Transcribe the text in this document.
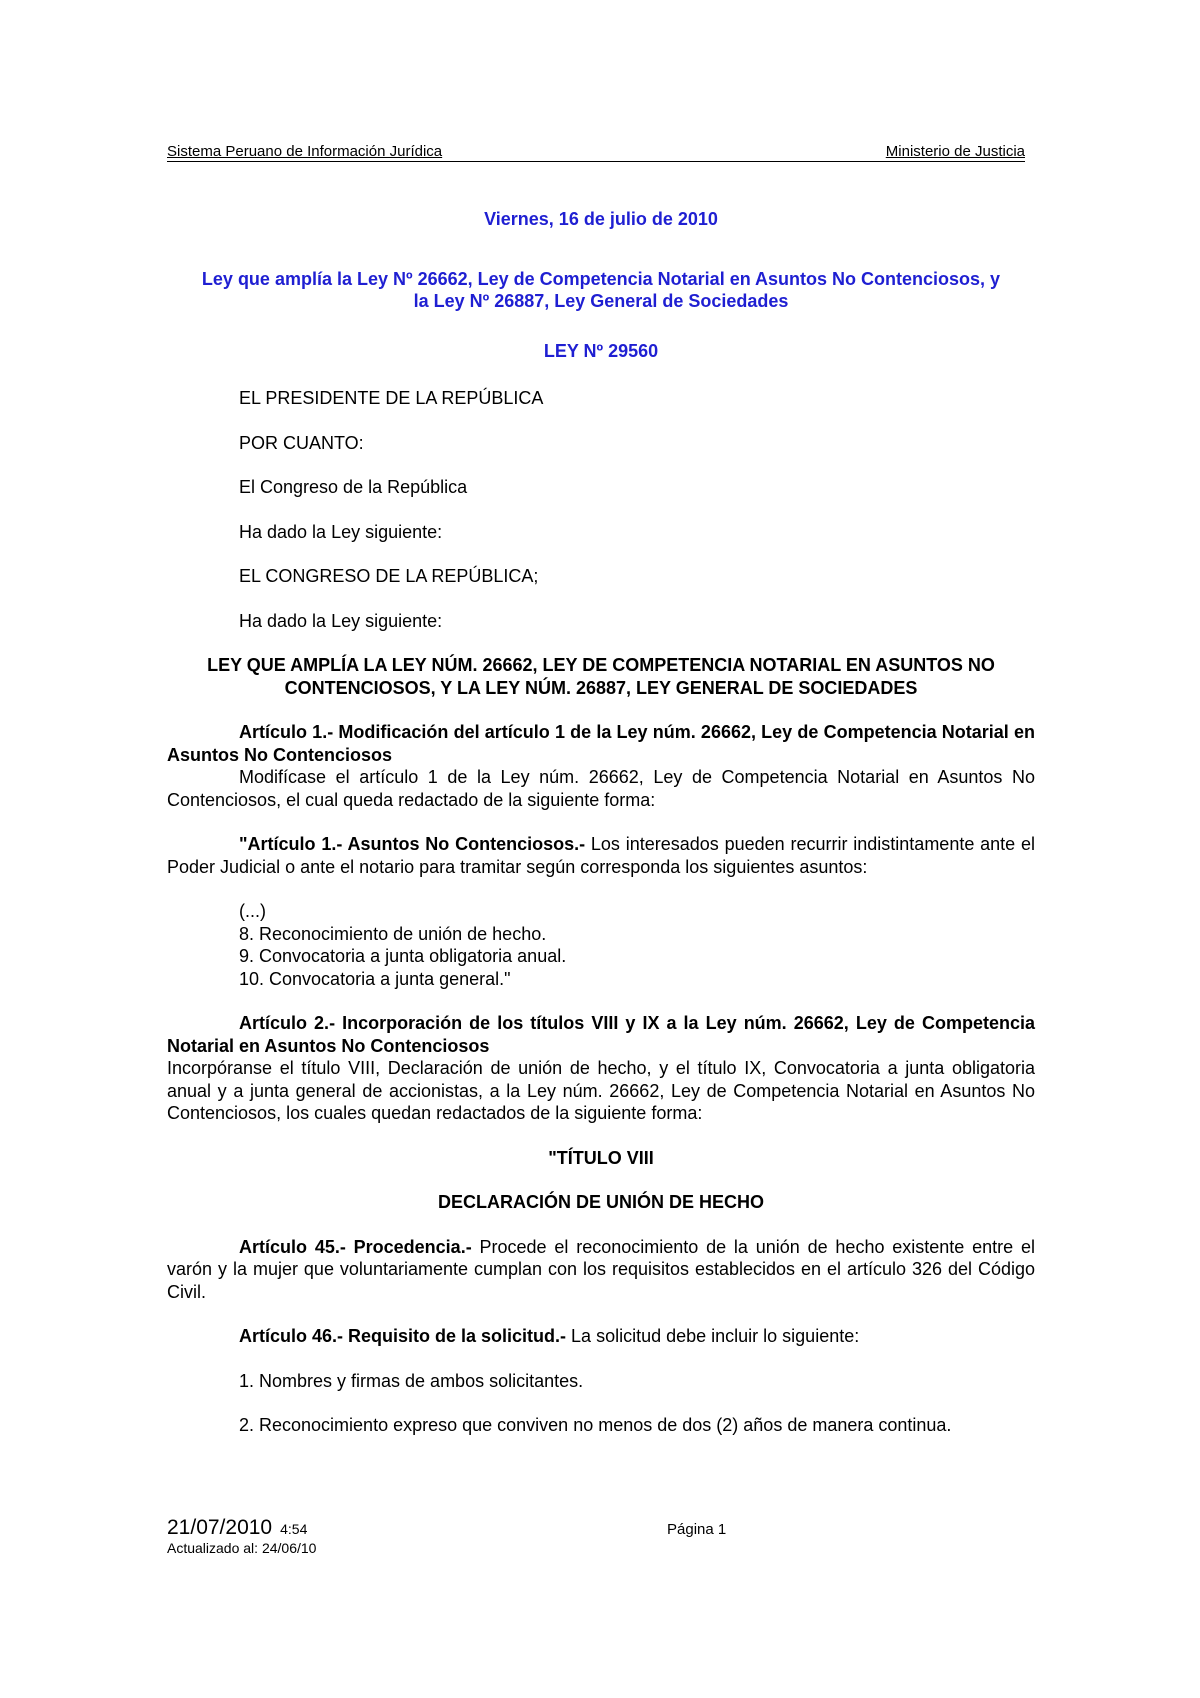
Sistema Peruano de Información Jurídica	Ministerio de Justicia

Viernes, 16 de julio de 2010

Ley que amplía la Ley Nº 26662, Ley de Competencia Notarial en Asuntos No Contenciosos, y
la Ley Nº 26887, Ley General de Sociedades

LEY Nº 29560

EL PRESIDENTE DE LA REPÚBLICA

POR CUANTO:

El Congreso de la República

Ha dado la Ley siguiente:

EL CONGRESO DE LA REPÚBLICA;

Ha dado la Ley siguiente:

LEY QUE AMPLÍA LA LEY NÚM. 26662, LEY DE COMPETENCIA NOTARIAL EN ASUNTOS NO
CONTENCIOSOS, Y LA LEY NÚM. 26887, LEY GENERAL DE SOCIEDADES

Artículo 1.- Modificación del artículo 1 de la Ley núm. 26662, Ley de Competencia Notarial en Asuntos No Contenciosos

Modifícase el artículo 1 de la Ley núm. 26662, Ley de Competencia Notarial en Asuntos No Contenciosos, el cual queda redactado de la siguiente forma:

"Artículo 1.- Asuntos No Contenciosos.- Los interesados pueden recurrir indistintamente ante el Poder Judicial o ante el notario para tramitar según corresponda los siguientes asuntos:

(...)
8. Reconocimiento de unión de hecho.
9. Convocatoria a junta obligatoria anual.
10. Convocatoria a junta general."

Artículo 2.- Incorporación de los títulos VIII y IX a la Ley núm. 26662, Ley de Competencia Notarial en Asuntos No Contenciosos

Incorpóranse el título VIII, Declaración de unión de hecho, y el título IX, Convocatoria a junta obligatoria anual y a junta general de accionistas, a la Ley núm. 26662, Ley de Competencia Notarial en Asuntos No Contenciosos, los cuales quedan redactados de la siguiente forma:

"TÍTULO VIII

DECLARACIÓN DE UNIÓN DE HECHO

Artículo 45.- Procedencia.- Procede el reconocimiento de la unión de hecho existente entre el varón y la mujer que voluntariamente cumplan con los requisitos establecidos en el artículo 326 del Código Civil.

Artículo 46.- Requisito de la solicitud.- La solicitud debe incluir lo siguiente:

1. Nombres y firmas de ambos solicitantes.

2. Reconocimiento expreso que conviven no menos de dos (2) años de manera continua.

21/07/2010 4:54	Página 1
Actualizado al: 24/06/10
